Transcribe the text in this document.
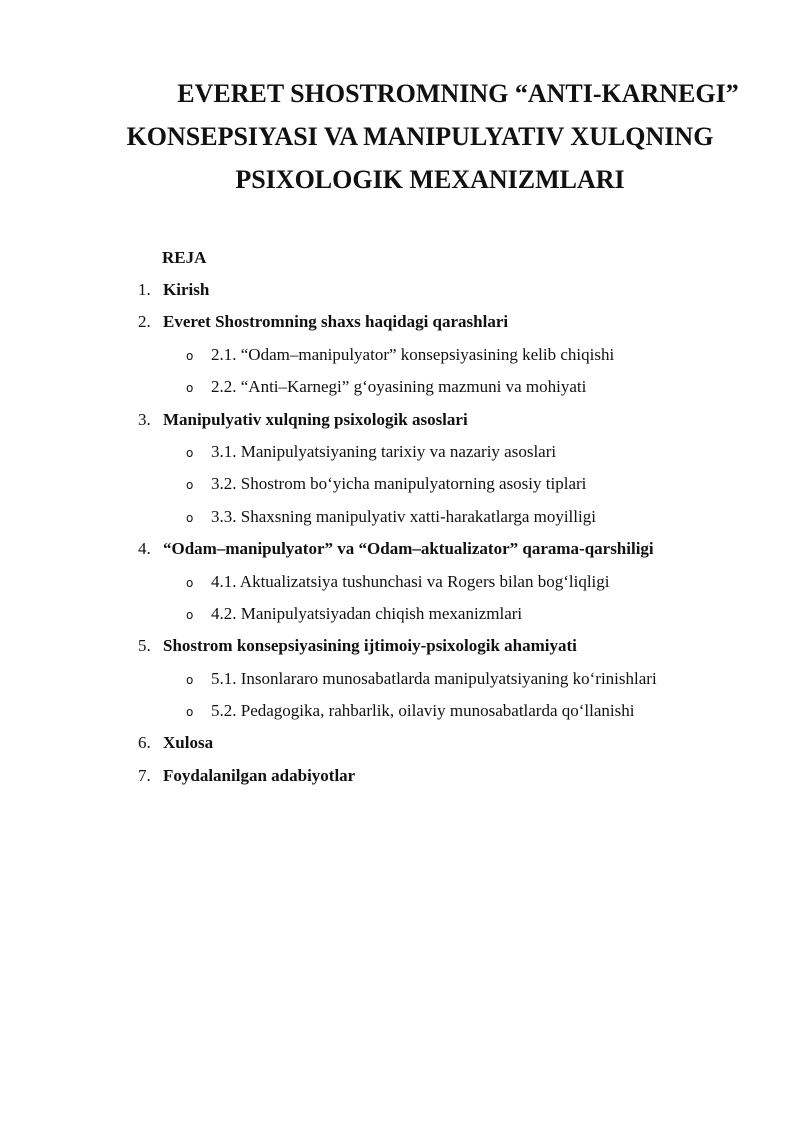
EVERET SHOSTROMNING “ANTI-KARNEGI”
KONSEPSIYASI VA MANIPULYATIV XULQNING
PSIXOLOGIK MEXANIZMLARI

REJA

1. Kirish
2. Everet Shostromning shaxs haqidagi qarashlari
o 2.1. “Odam–manipulyator” konsepsiyasining kelib chiqishi
o 2.2. “Anti–Karnegi” g‘oyasining mazmuni va mohiyati
3. Manipulyativ xulqning psixologik asoslari
o 3.1. Manipulyatsiyaning tarixiy va nazariy asoslari
o 3.2. Shostrom bo‘yicha manipulyatorning asosiy tiplari
o 3.3. Shaxsning manipulyativ xatti-harakatlarga moyilligi
4. “Odam–manipulyator” va “Odam–aktualizator” qarama-qarshiligi
o 4.1. Aktualizatsiya tushunchasi va Rogers bilan bog‘liqligi
o 4.2. Manipulyatsiyadan chiqish mexanizmlari
5. Shostrom konsepsiyasining ijtimoiy-psixologik ahamiyati
o 5.1. Insonlararo munosabatlarda manipulyatsiyaning ko‘rinishlari
o 5.2. Pedagogika, rahbarlik, oilaviy munosabatlarda qo‘llanishi
6. Xulosa
7. Foydalanilgan adabiyotlar
